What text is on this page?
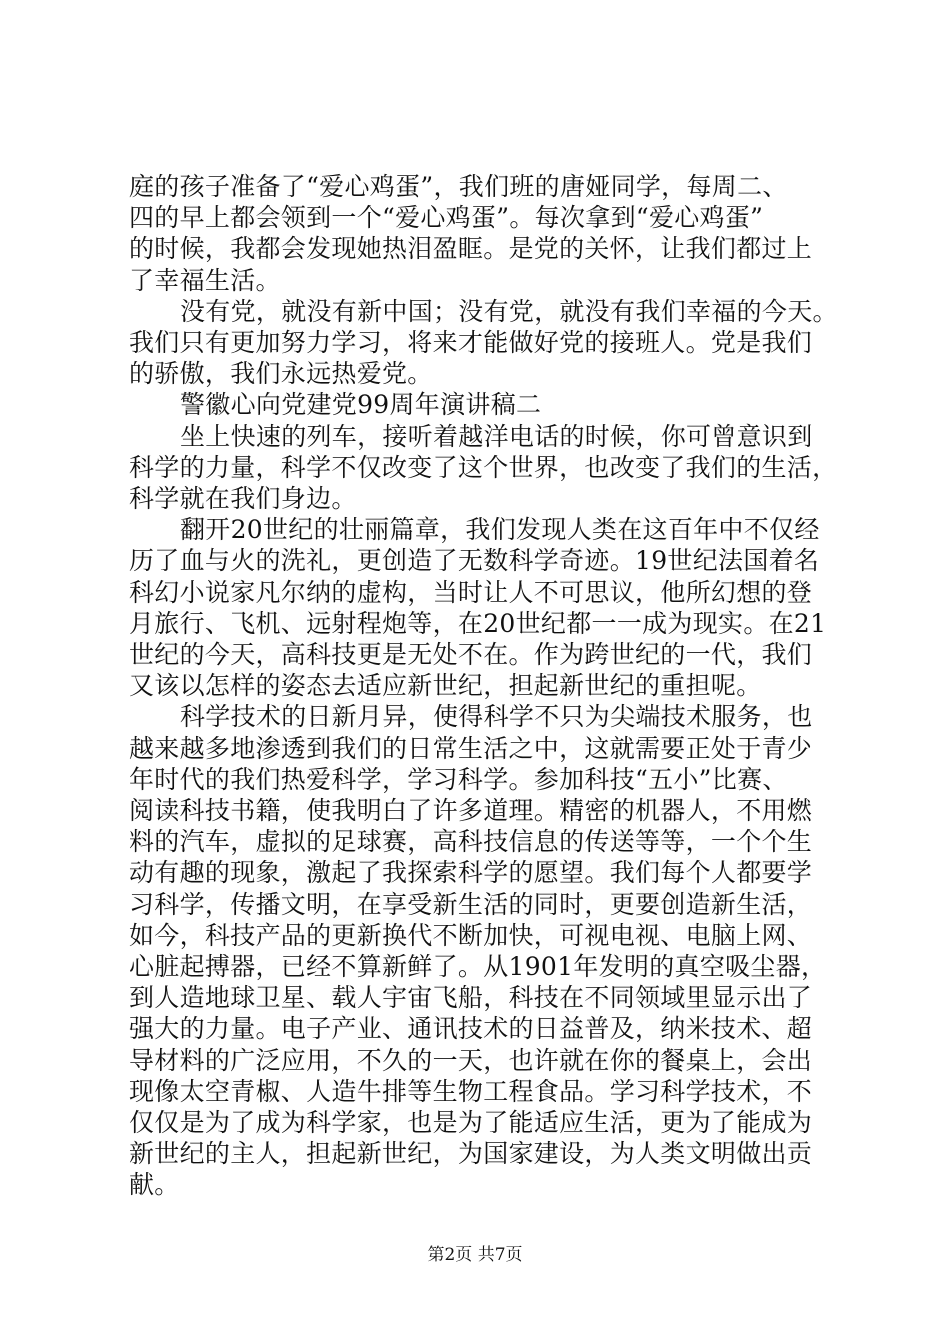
庭的孩子准备了“爱心鸡蛋”，我们班的唐娅同学，每周二、
四的早上都会领到一个“爱心鸡蛋”。每次拿到“爱心鸡蛋”
的时候，我都会发现她热泪盈眶。是党的关怀，让我们都过上
了幸福生活。
没有党，就没有新中国；没有党，就没有我们幸福的今天。
我们只有更加努力学习，将来才能做好党的接班人。党是我们
的骄傲，我们永远热爱党。
警徽心向党建党99周年演讲稿二
坐上快速的列车，接听着越洋电话的时候，你可曾意识到
科学的力量，科学不仅改变了这个世界，也改变了我们的生活，
科学就在我们身边。
翻开20世纪的壮丽篇章，我们发现人类在这百年中不仅经
历了血与火的洗礼，更创造了无数科学奇迹。19世纪法国着名
科幻小说家凡尔纳的虚构，当时让人不可思议，他所幻想的登
月旅行、飞机、远射程炮等，在20世纪都一一成为现实。在21
世纪的今天，高科技更是无处不在。作为跨世纪的一代，我们
又该以怎样的姿态去适应新世纪，担起新世纪的重担呢。
科学技术的日新月异，使得科学不只为尖端技术服务，也
越来越多地渗透到我们的日常生活之中，这就需要正处于青少
年时代的我们热爱科学，学习科学。参加科技“五小”比赛、
阅读科技书籍，使我明白了许多道理。精密的机器人，不用燃
料的汽车，虚拟的足球赛，高科技信息的传送等等，一个个生
动有趣的现象，激起了我探索科学的愿望。我们每个人都要学
习科学，传播文明，在享受新生活的同时，更要创造新生活，
如今，科技产品的更新换代不断加快，可视电视、电脑上网、
心脏起搏器，已经不算新鲜了。从1901年发明的真空吸尘器，
到人造地球卫星、载人宇宙飞船，科技在不同领域里显示出了
强大的力量。电子产业、通讯技术的日益普及，纳米技术、超
导材料的广泛应用，不久的一天，也许就在你的餐桌上，会出
现像太空青椒、人造牛排等生物工程食品。学习科学技术，不
仅仅是为了成为科学家，也是为了能适应生活，更为了能成为
新世纪的主人，担起新世纪，为国家建设，为人类文明做出贡
献。
第2页 共7页
